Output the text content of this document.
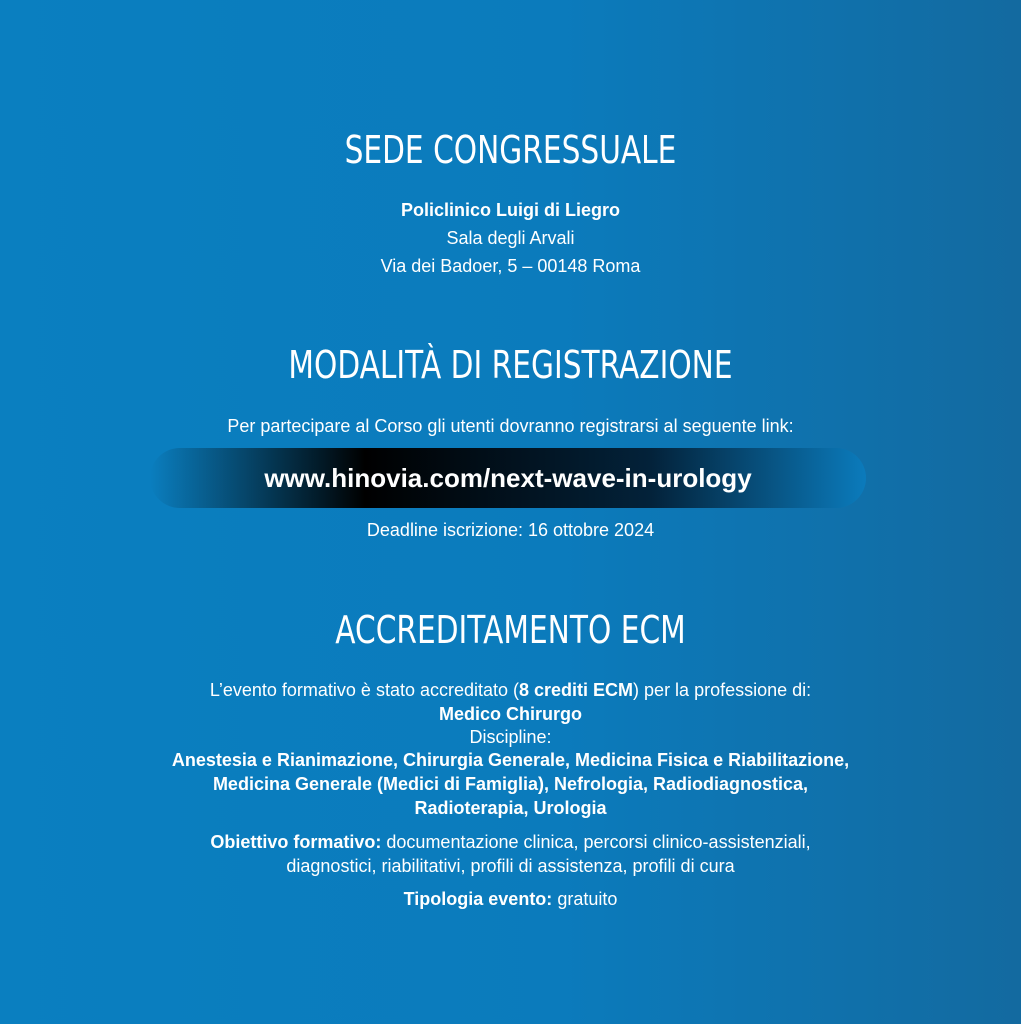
SEDE CONGRESSUALE

Policlinico Luigi di Liegro

Sala degli Arvali

Via dei Badoer, 5 – 00148 Roma

MODALITÀ DI REGISTRAZIONE

Per partecipare al Corso gli utenti dovranno registrarsi al seguente link:

www.hinovia.com/next-wave-in-urology

Deadline iscrizione: 16 ottobre 2024

ACCREDITAMENTO ECM

L’evento formativo è stato accreditato (8 crediti ECM) per la professione di:

Medico Chirurgo

Discipline:

Anestesia e Rianimazione, Chirurgia Generale, Medicina Fisica e Riabilitazione,

Medicina Generale (Medici di Famiglia), Nefrologia, Radiodiagnostica,

Radioterapia, Urologia

Obiettivo formativo: documentazione clinica, percorsi clinico-assistenziali,

diagnostici, riabilitativi, profili di assistenza, profili di cura

Tipologia evento: gratuito
